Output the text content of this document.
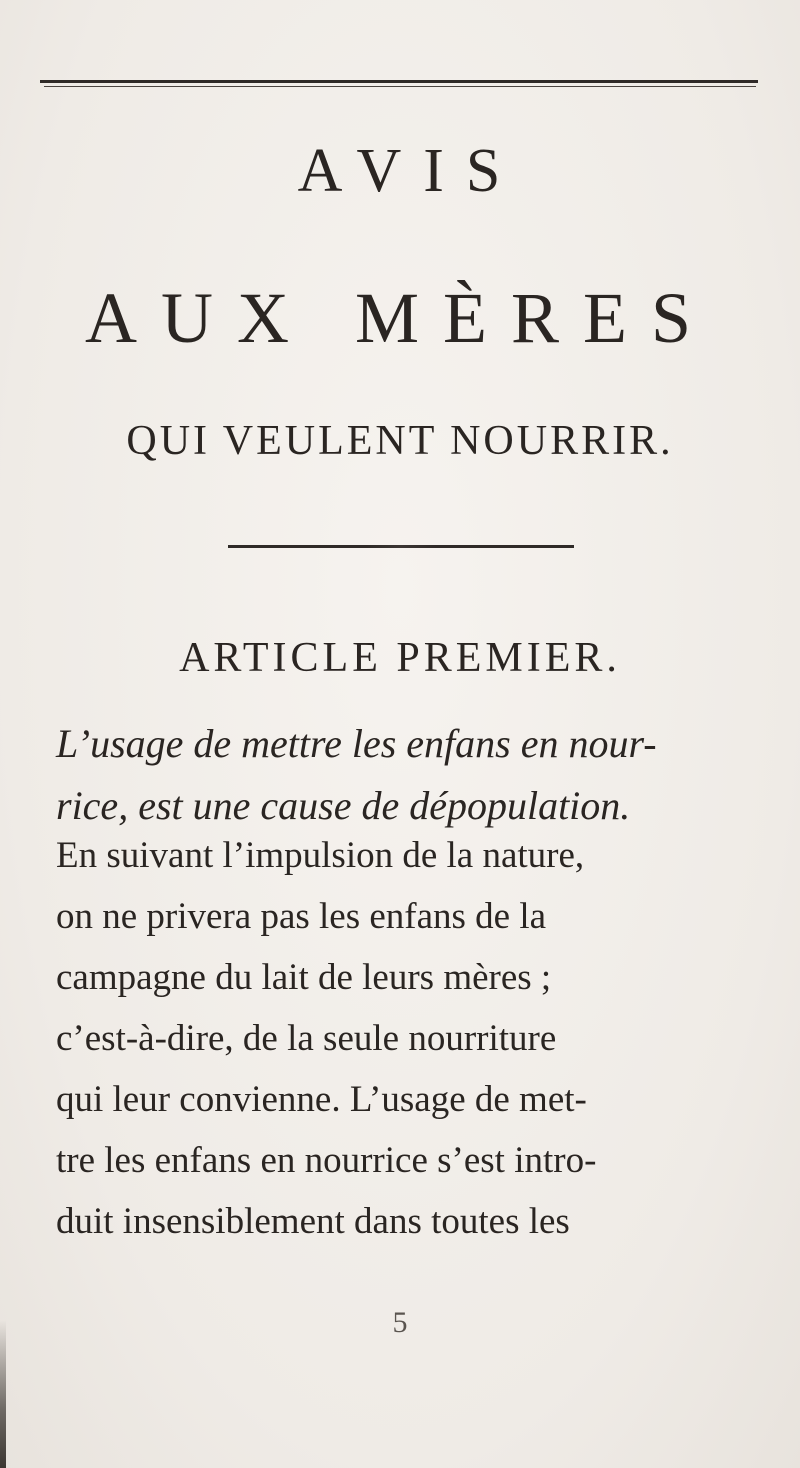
AVIS
AUX MÈRES
QUI VEULENT NOURRIR.
ARTICLE PREMIER.
L’usage de mettre les enfans en nour-
rice, est une cause de dépopulation.
En suivant l’impulsion de la nature,
on ne privera pas les enfans de la
campagne du lait de leurs mères ;
c’est-à-dire, de la seule nourriture
qui leur convienne. L’usage de met-
tre les enfans en nourrice s’est intro-
duit insensiblement dans toutes les
5
